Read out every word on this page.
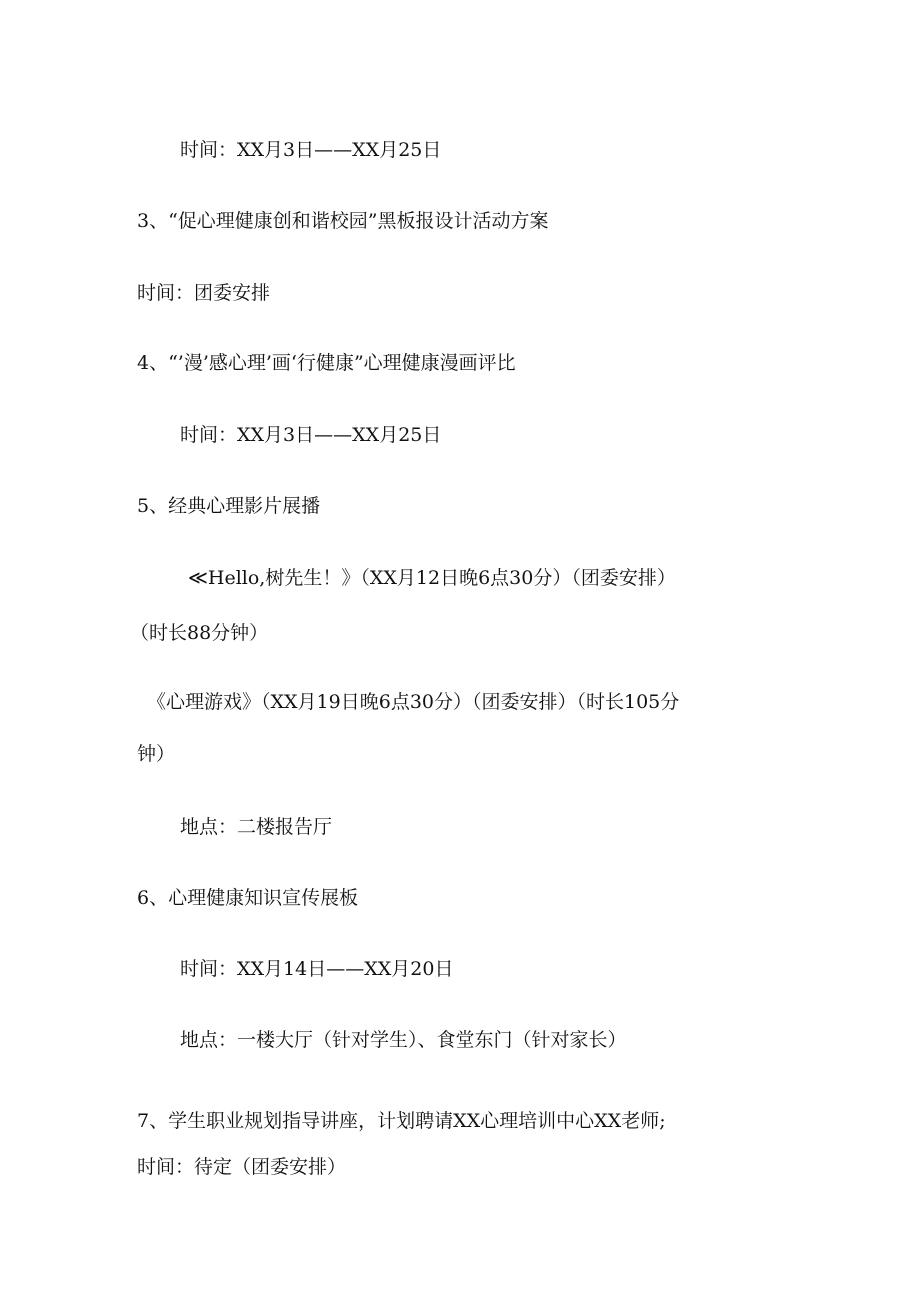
时间：XX月3日——XX月25日
3、“促心理健康创和谐校园”黑板报设计活动方案
时间：团委安排
4、“’漫’感心理’画‘行健康”心理健康漫画评比
时间：XX月3日——XX月25日
5、经典心理影片展播
≪Hello,树先生！》（XX月12日晚6点30分）（团委安排）
（时长88分钟）
《心理游戏》（XX月19日晚6点30分）（团委安排）（时长105分
钟）
地点：二楼报告厅
6、心理健康知识宣传展板
时间：XX月14日——XX月20日
地点：一楼大厅（针对学生）、食堂东门（针对家长）
7、学生职业规划指导讲座，计划聘请XX心理培训中心XX老师;
时间：待定（团委安排）
